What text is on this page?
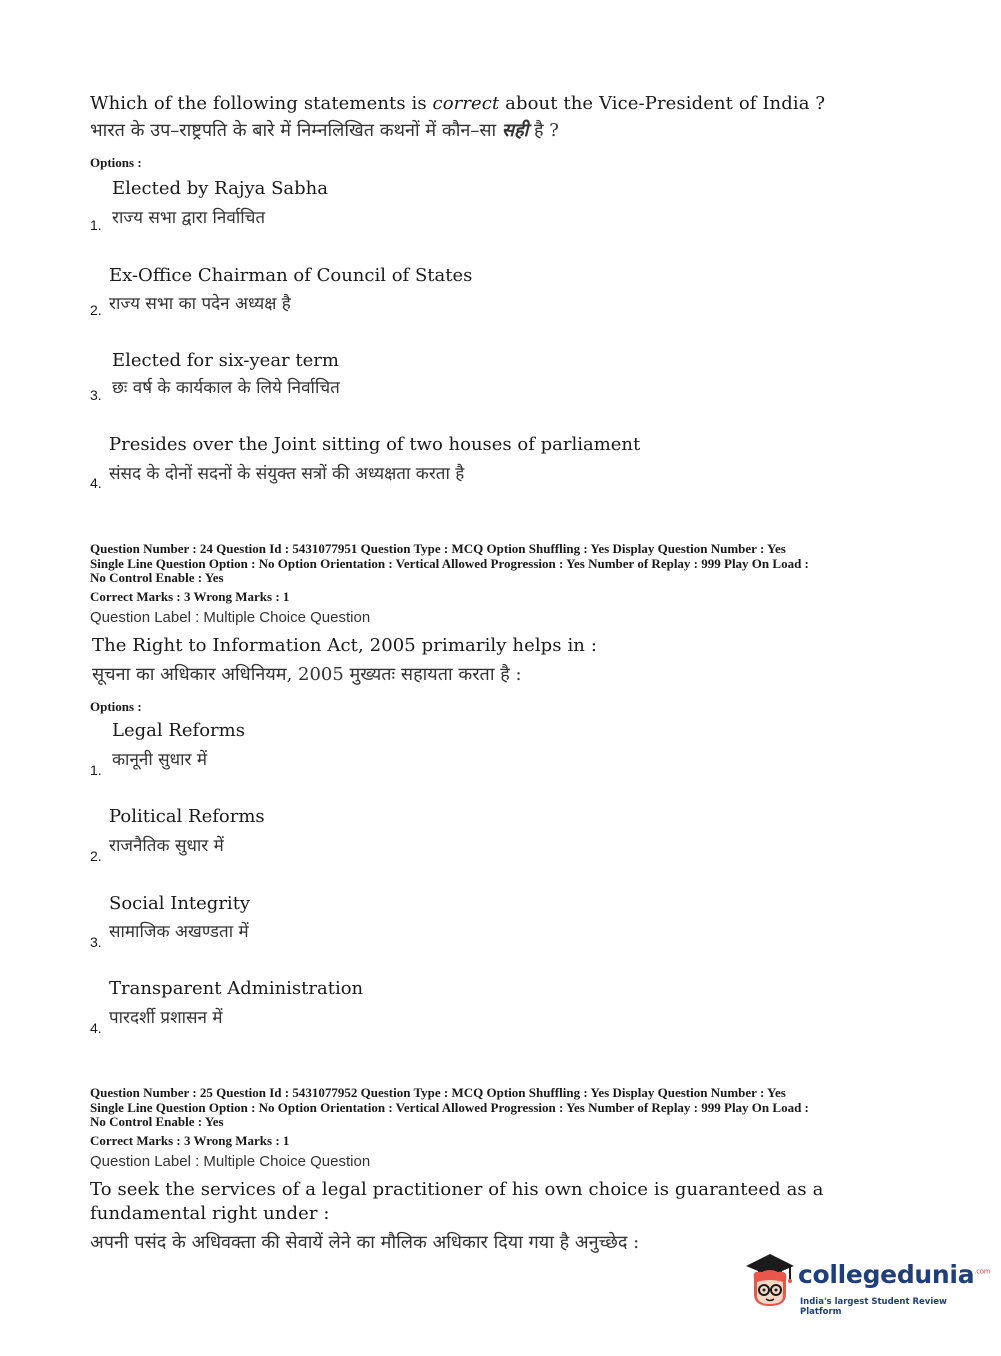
Which of the following statements is correct about the Vice-President of India ?
भारत के उप–राष्ट्रपति के बारे में निम्नलिखित कथनों में कौन–सा सही है ?
Options :
Elected by Rajya Sabha
राज्य सभा द्वारा निर्वाचित
1.
Ex-Office Chairman of Council of States
राज्य सभा का पदेन अध्यक्ष है
2.
Elected for six-year term
छः वर्ष के कार्यकाल के लिये निर्वाचित
3.
Presides over the Joint sitting of two houses of parliament
संसद के दोनों सदनों के संयुक्त सत्रों की अध्यक्षता करता है
4.
Question Number : 24 Question Id : 5431077951 Question Type : MCQ Option Shuffling : Yes Display Question Number : Yes
Single Line Question Option : No Option Orientation : Vertical Allowed Progression : Yes Number of Replay : 999 Play On Load :
No Control Enable : Yes
Correct Marks : 3 Wrong Marks : 1
Question Label : Multiple Choice Question
The Right to Information Act, 2005 primarily helps in :
सूचना का अधिकार अधिनियम, 2005 मुख्यतः सहायता करता है :
Options :
Legal Reforms
कानूनी सुधार में
1.
Political Reforms
राजनैतिक सुधार में
2.
Social Integrity
सामाजिक अखण्डता में
3.
Transparent Administration
पारदर्शी प्रशासन में
4.
Question Number : 25 Question Id : 5431077952 Question Type : MCQ Option Shuffling : Yes Display Question Number : Yes
Single Line Question Option : No Option Orientation : Vertical Allowed Progression : Yes Number of Replay : 999 Play On Load :
No Control Enable : Yes
Correct Marks : 3 Wrong Marks : 1
Question Label : Multiple Choice Question
To seek the services of a legal practitioner of his own choice is guaranteed as a
fundamental right under :
अपनी पसंद के अधिवक्ता की सेवायें लेने का मौलिक अधिकार दिया गया है अनुच्छेद :
collegedunia$^{.com}$
India's largest Student Review Platform
